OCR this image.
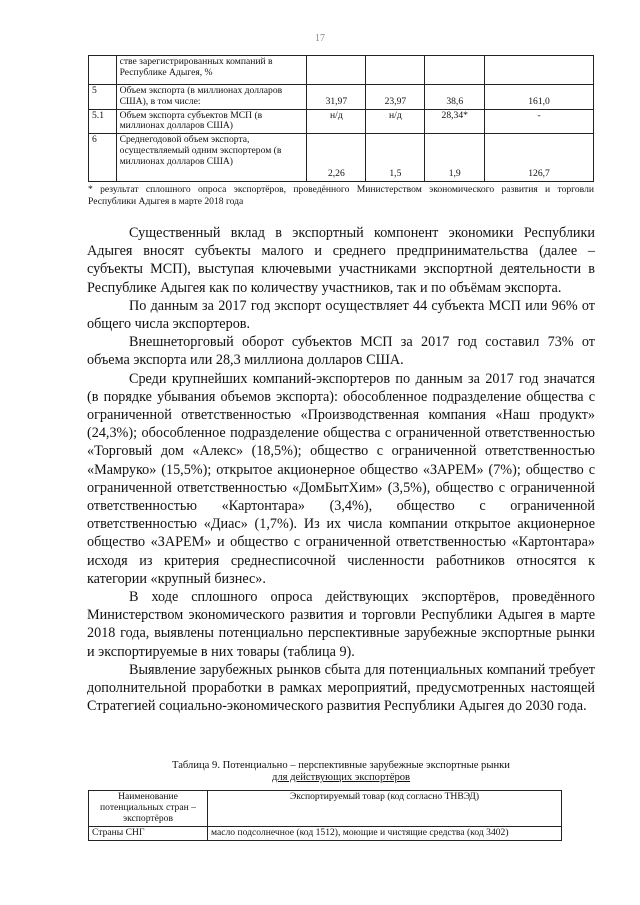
17
	стве зарегистрированных компаний в Республике Адыгея, %				
5	Объем экспорта (в миллионах долларов США), в том числе:	31,97	23,97	38,6	161,0
5.1	Объем экспорта субъектов МСП (в миллионах долларов США)	н/д	н/д	28,34*	-
6	Среднегодовой объем экспорта, осуществляемый одним экспортером (в миллионах долларов США)	2,26	1,5	1,9	126,7
* результат сплошного опроса экспортёров, проведённого Министерством экономического развития и торговли Республики Адыгея в марте 2018 года

Существенный вклад в экспортный компонент экономики Республики Адыгея вносят субъекты малого и среднего предпринимательства (далее – субъекты МСП), выступая ключевыми участниками экспортной деятельности в Республике Адыгея как по количеству участников, так и по объёмам экспорта.

По данным за 2017 год экспорт осуществляет 44 субъекта МСП или 96% от общего числа экспортеров.

Внешнеторговый оборот субъектов МСП за 2017 год составил 73% от объема экспорта или 28,3 миллиона долларов США.

Среди крупнейших компаний-экспортеров по данным за 2017 год значатся (в порядке убывания объемов экспорта): обособленное подразделение общества с ограниченной ответственностью «Производственная компания «Наш продукт» (24,3%); обособленное подразделение общества с ограниченной ответственностью «Торговый дом «Алекс» (18,5%); общество с ограниченной ответственностью «Мамруко» (15,5%); открытое акционерное общество «ЗАРЕМ» (7%); общество с ограниченной ответственностью «ДомБытХим» (3,5%), общество с ограниченной ответственностью «Картонтара» (3,4%), общество с ограниченной ответственностью «Диас» (1,7%). Из их числа компании открытое акционерное общество «ЗАРЕМ» и общество с ограниченной ответственностью «Картонтара» исходя из критерия среднесписочной численности работников относятся к категории «крупный бизнес».

В ходе сплошного опроса действующих экспортёров, проведённого Министерством экономического развития и торговли Республики Адыгея в марте 2018 года, выявлены потенциально перспективные зарубежные экспортные рынки и экспортируемые в них товары (таблица 9).

Выявление зарубежных рынков сбыта для потенциальных компаний требует дополнительной проработки в рамках мероприятий, предусмотренных настоящей Стратегией социально-экономического развития Республики Адыгея до 2030 года.

Таблица 9. Потенциально – перспективные зарубежные экспортные рынки
для действующих экспортёров
Наименование потенциальных стран – экспортёров	Экспортируемый товар (код согласно ТНВЭД)
Страны СНГ	масло подсолнечное (код 1512), моющие и чистящие средства (код 3402)
